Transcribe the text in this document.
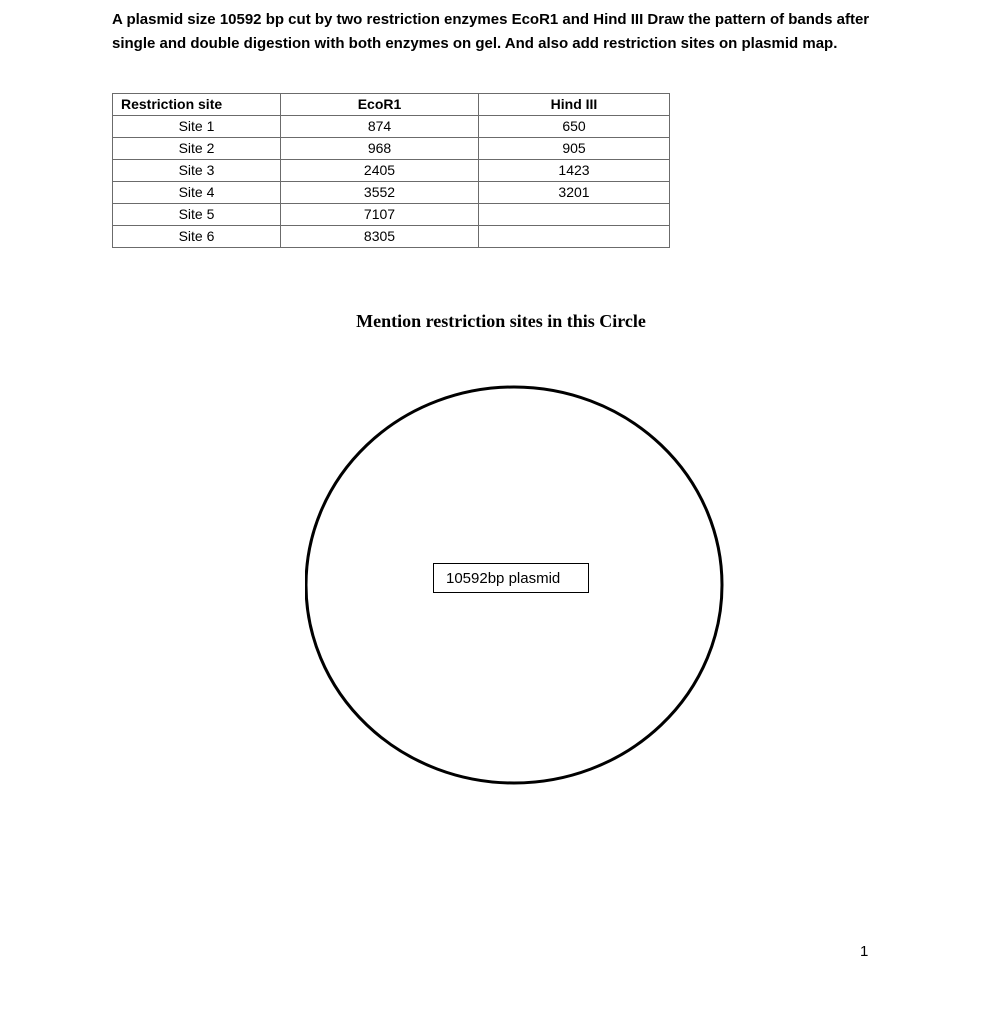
A plasmid size 10592 bp cut by two restriction enzymes EcoR1 and Hind III Draw the pattern of bands after single and double digestion with both enzymes on gel. And also add restriction sites on plasmid map.

Restriction site	EcoR1	Hind III
Site 1	874	650
Site 2	968	905
Site 3	2405	1423
Site 4	3552	3201
Site 5	7107	
Site 6	8305	

Mention restriction sites in this Circle

10592bp plasmid
1
